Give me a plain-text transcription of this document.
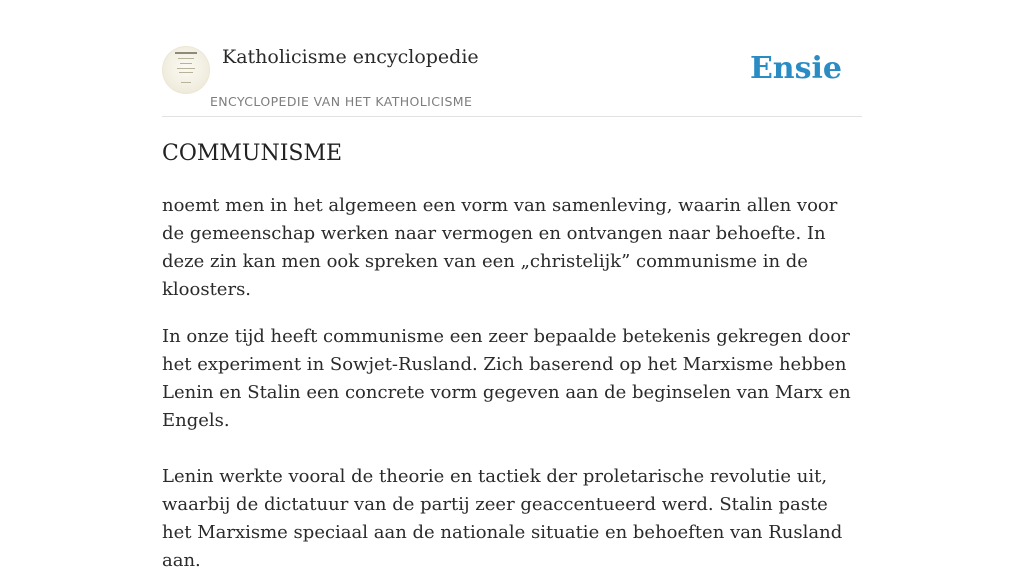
Katholicisme encyclopedie
ENCYCLOPEDIE VAN HET KATHOLICISME
Ensie
COMMUNISME

noemt men in het algemeen een vorm van samenleving, waarin allen voor de gemeenschap werken naar vermogen en ontvangen naar behoefte. In deze zin kan men ook spreken van een „christelijk” communisme in de kloosters.

In onze tijd heeft communisme een zeer bepaalde betekenis gekregen door het experiment in Sowjet-Rusland. Zich baserend op het Marxisme hebben Lenin en Stalin een concrete vorm gegeven aan de beginselen van Marx en Engels.

Lenin werkte vooral de theorie en tactiek der proletarische revolutie uit, waarbij de dictatuur van de partij zeer geaccentueerd werd. Stalin paste het Marxisme speciaal aan de nationale situatie en behoeften van Rusland aan.
